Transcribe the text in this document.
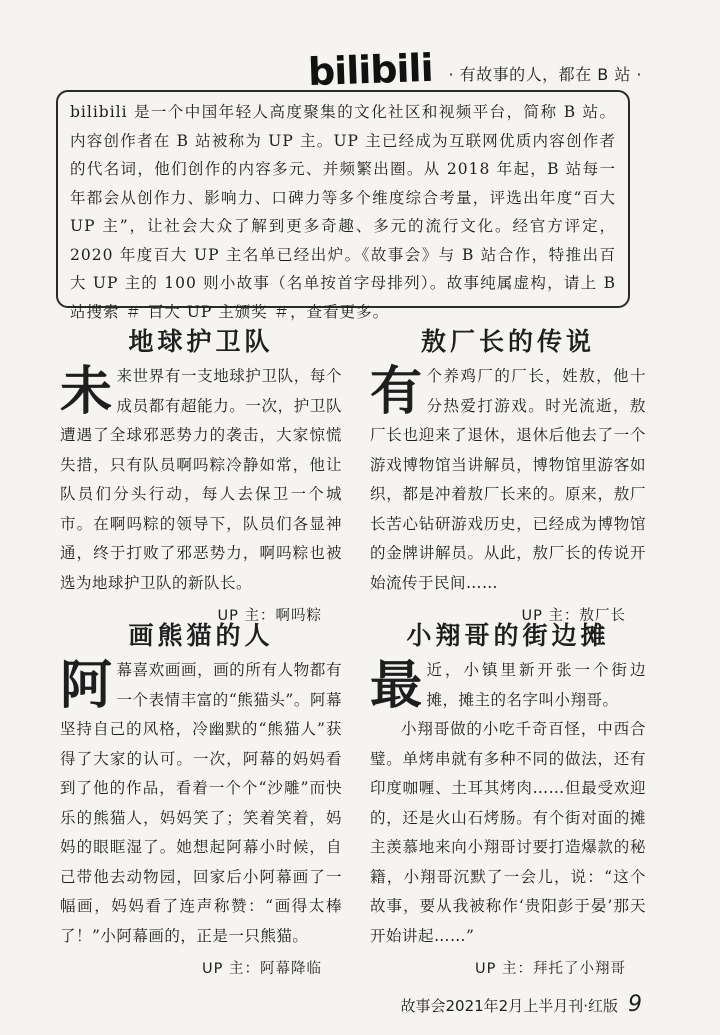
bilibili · 有故事的人，都在 B 站 ·

bilibili 是一个中国年轻人高度聚集的文化社区和视频平台，简称 B 站。内容创作者在 B 站被称为 UP 主。UP 主已经成为互联网优质内容创作者的代名词，他们创作的内容多元、并频繁出圈。从 2018 年起，B 站每一年都会从创作力、影响力、口碑力等多个维度综合考量，评选出年度“百大 UP 主”，让社会大众了解到更多奇趣、多元的流行文化。经官方评定，2020 年度百大 UP 主名单已经出炉。《故事会》与 B 站合作，特推出百大 UP 主的 100 则小故事（名单按首字母排列）。故事纯属虚构，请上 B 站搜索 ＃ 百大 UP 主颁奖 ＃，查看更多。

地球护卫队

未来世界有一支地球护卫队，每个成员都有超能力。一次，护卫队遭遇了全球邪恶势力的袭击，大家惊慌失措，只有队员啊吗粽冷静如常，他让队员们分头行动，每人去保卫一个城市。在啊吗粽的领导下，队员们各显神通，终于打败了邪恶势力，啊吗粽也被选为地球护卫队的新队长。

UP 主：啊吗粽
敖厂长的传说

有个养鸡厂的厂长，姓敖，他十分热爱打游戏。时光流逝，敖厂长也迎来了退休，退休后他去了一个游戏博物馆当讲解员，博物馆里游客如织，都是冲着敖厂长来的。原来，敖厂长苦心钻研游戏历史，已经成为博物馆的金牌讲解员。从此，敖厂长的传说开始流传于民间……

UP 主：敖厂长
画熊猫的人

阿幕喜欢画画，画的所有人物都有一个表情丰富的“熊猫头”。阿幕坚持自己的风格，冷幽默的“熊猫人”获得了大家的认可。一次，阿幕的妈妈看到了他的作品，看着一个个“沙雕”而快乐的熊猫人，妈妈笑了；笑着笑着，妈妈的眼眶湿了。她想起阿幕小时候，自己带他去动物园，回家后小阿幕画了一幅画，妈妈看了连声称赞：“画得太棒了！”小阿幕画的，正是一只熊猫。

UP 主：阿幕降临
小翔哥的街边摊

最近，小镇里新开张一个街边摊，摊主的名字叫小翔哥。

小翔哥做的小吃千奇百怪，中西合璧。单烤串就有多种不同的做法，还有印度咖喱、土耳其烤肉……但最受欢迎的，还是火山石烤肠。有个街对面的摊主羡慕地来向小翔哥讨要打造爆款的秘籍，小翔哥沉默了一会儿，说：“这个故事，要从我被称作‘贵阳彭于晏’那天开始讲起……”

UP 主：拜托了小翔哥
故事会2021年2月上半月刊·红版 9
